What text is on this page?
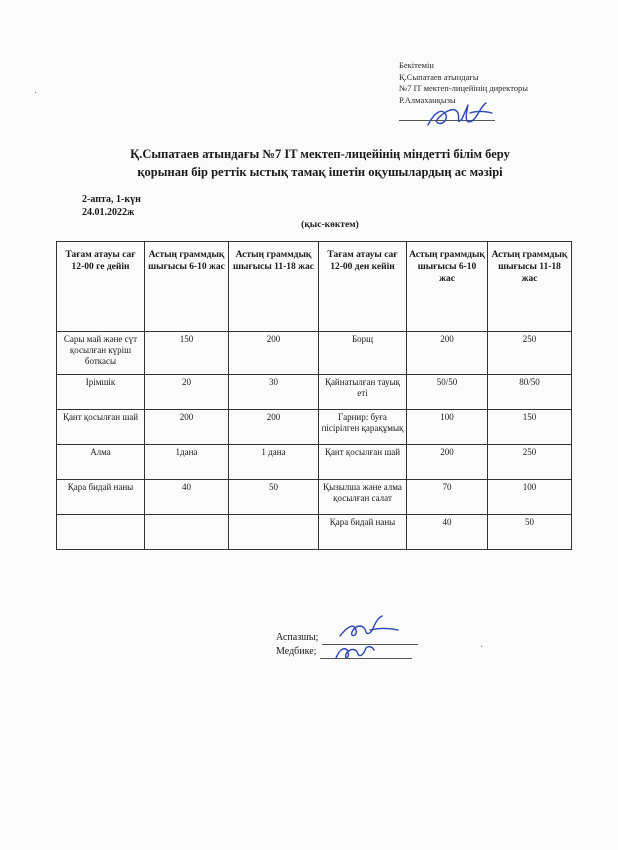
Бекітемін
Қ.Сыпатаев атындағы
№7 ІТ мектеп-лицейінің директоры
Р.Алмаханқызы
·
Қ.Сыпатаев атындағы №7 IT мектеп-лицейінің міндетті білім беру
қорынан бір реттік ыстық тамақ ішетін оқушылардың ас мәзірі
2-апта, 1-күн
24.01.2022ж
(қыс-көктем)
Тағам атауы сағ 12-00 ге дейін	Астың граммдық шығысы 6-10 жас	Астың граммдық шығысы 11-18 жас	Тағам атауы сағ 12-00 ден кейін	Астың граммдық шығысы 6-10 жас	Астың граммдық шығысы 11-18 жас
Сары май және сүт қосылған күріш боткасы	150	200	Борщ	200	250
Ірімшік	20	30	Қайнатылған тауық еті	50/50	80/50
Қант қосылған шай	200	200	Гарнир: буға пісірілген қарақұмық	100	150
Алма	1дана	1 дана	Қант қосылған шай	200	250
Қара бидай наны	40	50	Қызылша және алма қосылған салат	70	100
			Қара бидай наны	40	50
Аспазшы;
Медбике;	·
